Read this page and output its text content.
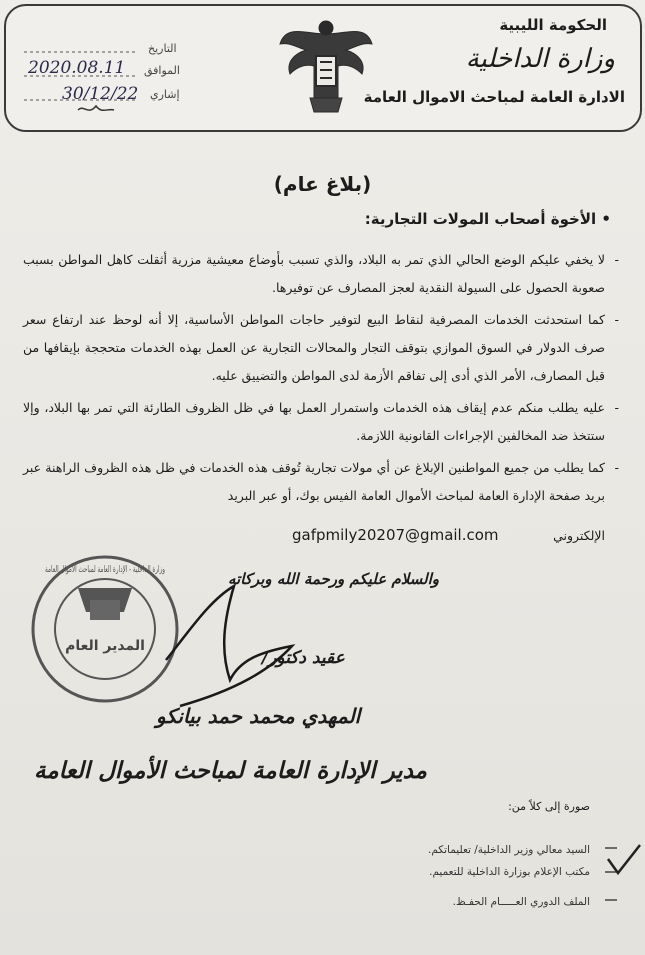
الحكومة الليبية
وزارة الداخلية
الادارة العامة لمباحث الاموال العامة
التاريخ
2020.08.11 الموافق
إشاري
30/12/22
(بلاغ عام)
• الأخوة أصحاب المولات التجارية:
-
لا يخفي عليكم الوضع الحالي الذي تمر به البلاد، والذي تسبب بأوضاع معيشية مزرية أثقلت كاهل المواطن بسبب صعوبة الحصول على السيولة النقدية لعجز المصارف عن توفيرها.
-
كما استحدثت الخدمات المصرفية لنقاط البيع لتوفير حاجات المواطن الأساسية، إلا أنه لوحظ عند ارتفاع سعر صرف الدولار في السوق الموازي بتوقف التجار والمحالات التجارية عن العمل بهذه الخدمات متحججة بإيقافها من قبل المصارف، الأمر الذي أدى إلى تفاقم الأزمة لدى المواطن والتضييق عليه.
-
عليه يطلب منكم عدم إيقاف هذه الخدمات واستمرار العمل بها في ظل الظروف الطارئة التي تمر بها البلاد، وإلا ستتخذ ضد المخالفين الإجراءات القانونية اللازمة.
-
كما يطلب من جميع المواطنين الإبلاغ عن أي مولات تجارية تُوقف هذه الخدمات في ظل هذه الظروف الراهنة عبر بريد صفحة الإدارة العامة لمباحث الأموال العامة الفيس بوك، أو عبر البريد
الإلكتروني
gafpmily20207@gmail.com
والسلام عليكم ورحمة الله وبركاته
المدير العام
وزارة الداخلية - الإدارة العامة لمباحث الأموال العامة
عقيد دكتور/
المهدي محمد حمد بيانكو
مدير الإدارة العامة لمباحث الأموال العامة
صورة إلى كلاً من:
السيد معالي وزير الداخلية/ تعليماتكم.
مكتب الإعلام بوزارة الداخلية للتعميم.
الملف الدوري العـــــام الحفـظ.
